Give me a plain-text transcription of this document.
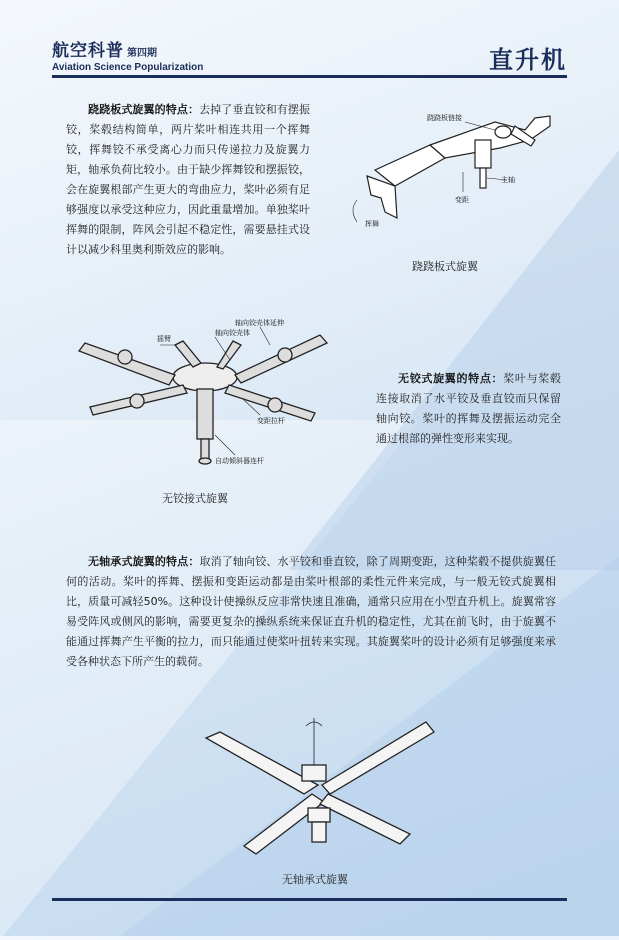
航空科普 第四期
Aviation Science Popularization	直升机
跷跷板式旋翼的特点：去掉了垂直铰和有摆振铰，桨毂结构简单，两片桨叶相连共用一个挥舞铰，挥舞铰不承受离心力而只传递拉力及旋翼力矩，轴承负荷比较小。由于缺少挥舞铰和摆振铰，会在旋翼根部产生更大的弯曲应力，桨叶必须有足够强度以承受这种应力，因此重量增加。单独桨叶挥舞的限制，阵风会引起不稳定性，需要悬挂式设计以减少科里奥利斯效应的影响。
跷跷板链接
主轴
变距
挥舞
跷跷板式旋翼
轴向铰壳体延伸
摇臂
轴向铰壳体
变距拉杆
自动倾斜器连杆
无铰接式旋翼
无铰式旋翼的特点：桨叶与桨毂连接取消了水平铰及垂直铰而只保留轴向铰。桨叶的挥舞及摆振运动完全通过根部的弹性变形来实现。
无轴承式旋翼的特点：取消了轴向铰、水平铰和垂直铰，除了周期变距，这种桨毂不提供旋翼任何的活动。桨叶的挥舞、摆振和变距运动都是由桨叶根部的柔性元件来完成，与一般无铰式旋翼相比，质量可减轻50%。这种设计使操纵反应非常快速且准确，通常只应用在小型直升机上。旋翼常容易受阵风或侧风的影响，需要更复杂的操纵系统来保证直升机的稳定性，尤其在前飞时，由于旋翼不能通过挥舞产生平衡的拉力，而只能通过使桨叶扭转来实现。其旋翼桨叶的设计必须有足够强度来承受各种状态下所产生的载荷。
无轴承式旋翼
